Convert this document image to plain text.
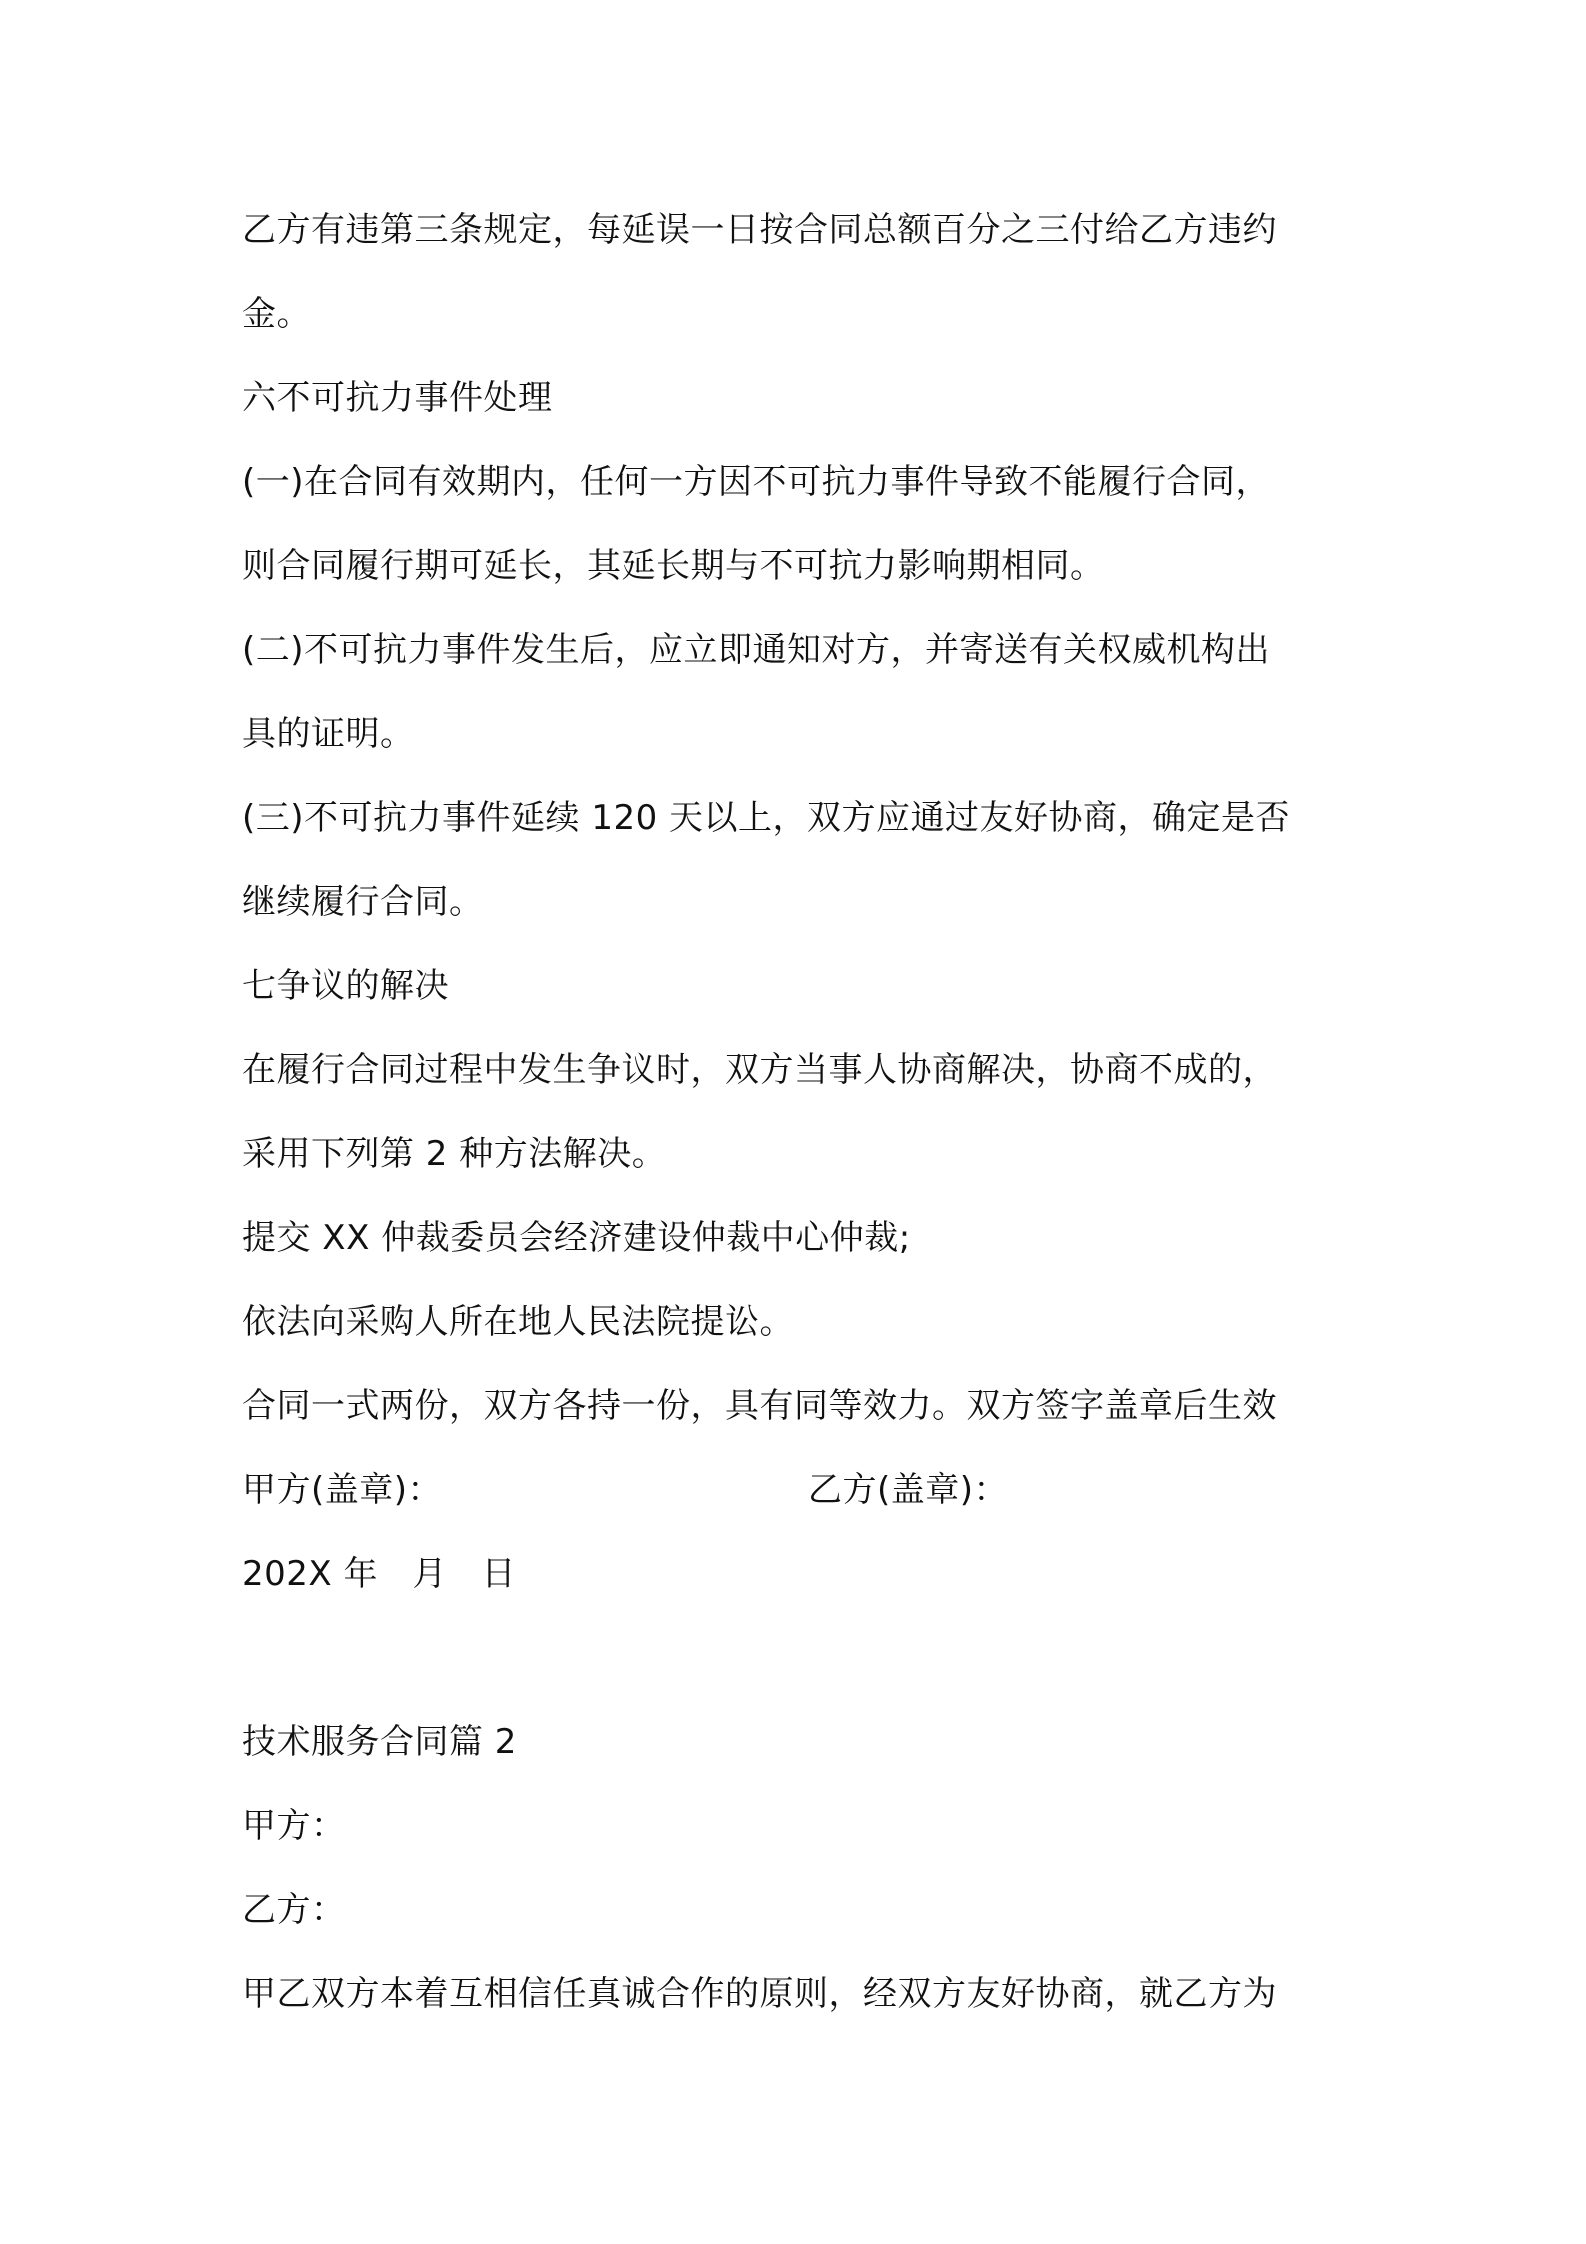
乙方有违第三条规定，每延误一日按合同总额百分之三付给乙方违约
金。
六不可抗力事件处理
(一)在合同有效期内，任何一方因不可抗力事件导致不能履行合同，
则合同履行期可延长，其延长期与不可抗力影响期相同。
(二)不可抗力事件发生后，应立即通知对方，并寄送有关权威机构出
具的证明。
(三)不可抗力事件延续 120 天以上，双方应通过友好协商，确定是否
继续履行合同。
七争议的解决
在履行合同过程中发生争议时，双方当事人协商解决，协商不成的，
采用下列第 2 种方法解决。
提交 XX 仲裁委员会经济建设仲裁中心仲裁;
依法向采购人所在地人民法院提讼。
合同一式两份，双方各持一份，具有同等效力。双方签字盖章后生效
甲方(盖章)：	乙方(盖章)：
202X 年　月　日
技术服务合同篇 2
甲方：
乙方：
甲乙双方本着互相信任真诚合作的原则，经双方友好协商，就乙方为
